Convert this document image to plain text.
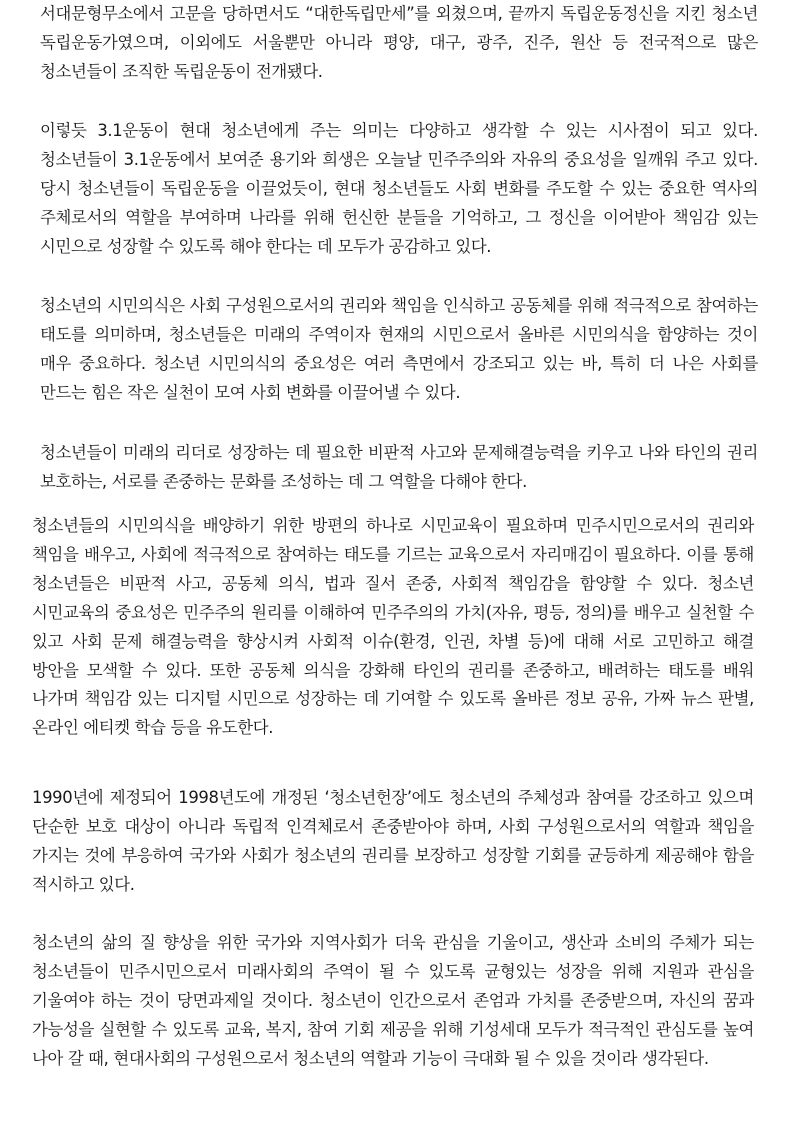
서대문형무소에서 고문을 당하면서도 “대한독립만세”를 외쳤으며, 끝까지 독립운동정신을 지킨 청소년 독립운동가였으며, 이외에도 서울뿐만 아니라 평양, 대구, 광주, 진주, 원산 등 전국적으로 많은 청소년들이 조직한 독립운동이 전개됐다.

이렇듯 3.1운동이 현대 청소년에게 주는 의미는 다양하고 생각할 수 있는 시사점이 되고 있다. 청소년들이 3.1운동에서 보여준 용기와 희생은 오늘날 민주주의와 자유의 중요성을 일깨워 주고 있다. 당시 청소년들이 독립운동을 이끌었듯이, 현대 청소년들도 사회 변화를 주도할 수 있는 중요한 역사의 주체로서의 역할을 부여하며 나라를 위해 헌신한 분들을 기억하고, 그 정신을 이어받아 책임감 있는 시민으로 성장할 수 있도록 해야 한다는 데 모두가 공감하고 있다.

청소년의 시민의식은 사회 구성원으로서의 권리와 책임을 인식하고 공동체를 위해 적극적으로 참여하는 태도를 의미하며, 청소년들은 미래의 주역이자 현재의 시민으로서 올바른 시민의식을 함양하는 것이 매우 중요하다. 청소년 시민의식의 중요성은 여러 측면에서 강조되고 있는 바, 특히 더 나은 사회를 만드는 힘은 작은 실천이 모여 사회 변화를 이끌어낼 수 있다.

청소년들이 미래의 리더로 성장하는 데 필요한 비판적 사고와 문제해결능력을 키우고 나와 타인의 권리 보호하는, 서로를 존중하는 문화를 조성하는 데 그 역할을 다해야 한다.

청소년들의 시민의식을 배양하기 위한 방편의 하나로 시민교육이 필요하며 민주시민으로서의 권리와 책임을 배우고, 사회에 적극적으로 참여하는 태도를 기르는 교육으로서 자리매김이 필요하다. 이를 통해 청소년들은 비판적 사고, 공동체 의식, 법과 질서 존중, 사회적 책임감을 함양할 수 있다. 청소년 시민교육의 중요성은 민주주의 원리를 이해하여 민주주의의 가치(자유, 평등, 정의)를 배우고 실천할 수 있고 사회 문제 해결능력을 향상시켜 사회적 이슈(환경, 인권, 차별 등)에 대해 서로 고민하고 해결 방안을 모색할 수 있다. 또한 공동체 의식을 강화해 타인의 권리를 존중하고, 배려하는 태도를 배워 나가며 책임감 있는 디지털 시민으로 성장하는 데 기여할 수 있도록 올바른 정보 공유, 가짜 뉴스 판별, 온라인 에티켓 학습 등을 유도한다.

1990년에 제정되어 1998년도에 개정된 ‘청소년헌장’에도 청소년의 주체성과 참여를 강조하고 있으며 단순한 보호 대상이 아니라 독립적 인격체로서 존중받아야 하며, 사회 구성원으로서의 역할과 책임을 가지는 것에 부응하여 국가와 사회가 청소년의 권리를 보장하고 성장할 기회를 균등하게 제공해야 함을 적시하고 있다.

청소년의 삶의 질 향상을 위한 국가와 지역사회가 더욱 관심을 기울이고, 생산과 소비의 주체가 되는 청소년들이 민주시민으로서 미래사회의 주역이 될 수 있도록 균형있는 성장을 위해 지원과 관심을 기울여야 하는 것이 당면과제일 것이다. 청소년이 인간으로서 존엄과 가치를 존중받으며, 자신의 꿈과 가능성을 실현할 수 있도록 교육, 복지, 참여 기회 제공을 위해 기성세대 모두가 적극적인 관심도를 높여 나아 갈 때, 현대사회의 구성원으로서 청소년의 역할과 기능이 극대화 될 수 있을 것이라 생각된다.
